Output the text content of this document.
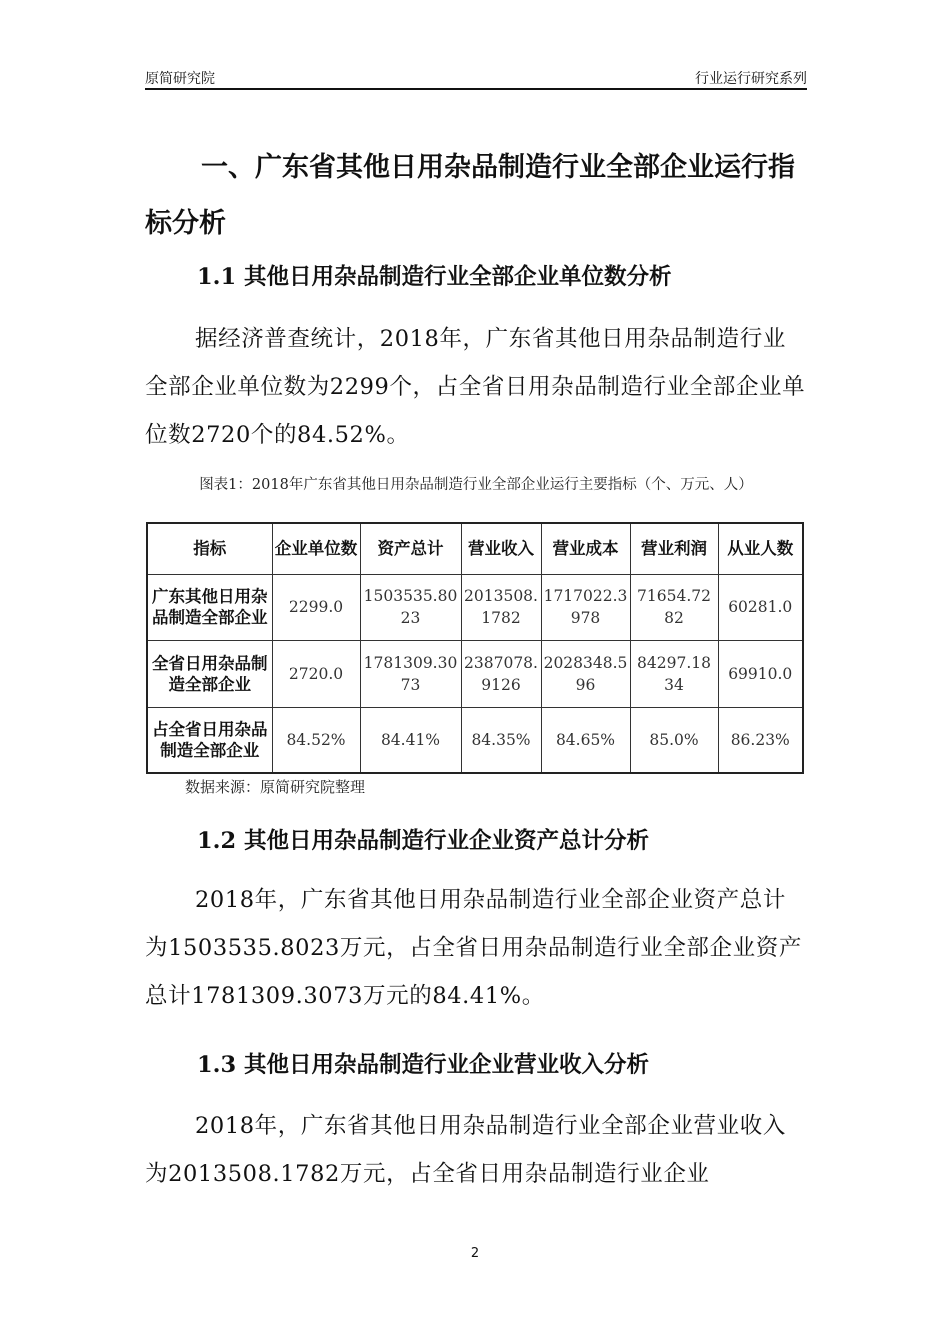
原简研究院	行业运行研究系列
一、广东省其他日用杂品制造行业全部企业运行指标分析
1.1 其他日用杂品制造行业全部企业单位数分析
据经济普查统计，2018年，广东省其他日用杂品制造行业全部企业单位数为2299个，占全省日用杂品制造行业全部企业单位数2720个的84.52%。
图表1：2018年广东省其他日用杂品制造行业全部企业运行主要指标（个、万元、人）
指标	企业单位数	资产总计	营业收入	营业成本	营业利润	从业人数
广东其他日用杂品制造全部企业	2299.0	1503535.8023	2013508.1782	1717022.3978	71654.7282	60281.0
全省日用杂品制造全部企业	2720.0	1781309.3073	2387078.9126	2028348.596	84297.1834	69910.0
占全省日用杂品制造全部企业	84.52%	84.41%	84.35%	84.65%	85.0%	86.23%
数据来源：原简研究院整理
1.2 其他日用杂品制造行业企业资产总计分析
2018年，广东省其他日用杂品制造行业全部企业资产总计为1503535.8023万元，占全省日用杂品制造行业全部企业资产总计1781309.3073万元的84.41%。
1.3 其他日用杂品制造行业企业营业收入分析
2018年，广东省其他日用杂品制造行业全部企业营业收入为2013508.1782万元，占全省日用杂品制造行业企业
2
